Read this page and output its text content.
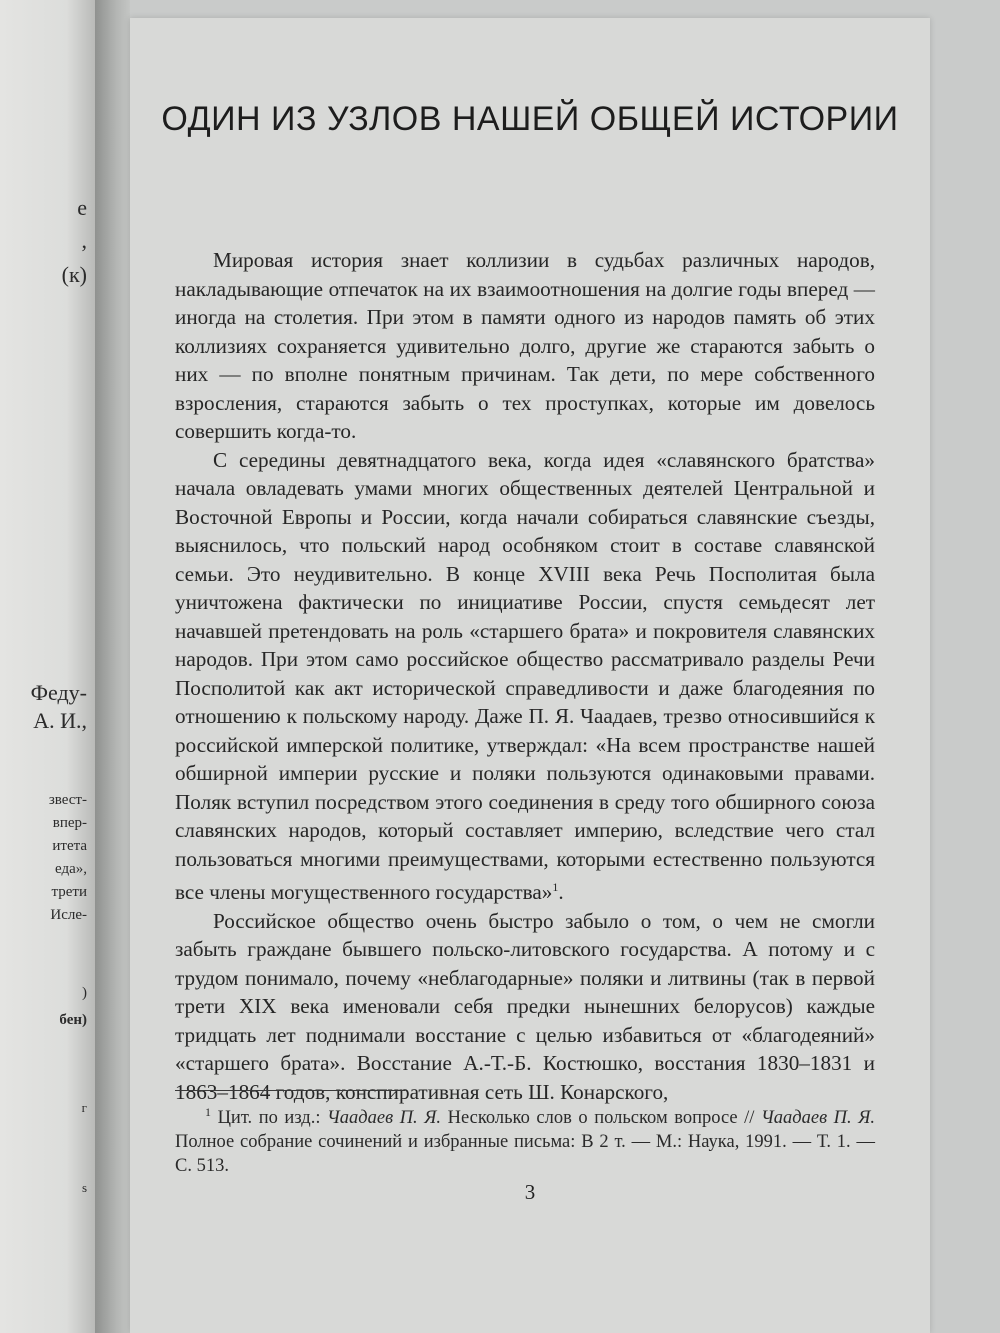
е
,
(к)
Феду-
А. И.,
звест-
впер-
итета
еда»,
трети
Исле-
)
бен)
г
s
ОДИН ИЗ УЗЛОВ НАШЕЙ ОБЩЕЙ ИСТОРИИ

Мировая история знает коллизии в судьбах различных народов, накладывающие отпечаток на их взаимоотношения на долгие годы вперед — иногда на столетия. При этом в памяти одного из народов память об этих коллизиях сохраняется удивительно долго, другие же стараются забыть о них — по вполне понятным причинам. Так дети, по мере собственного взросления, стараются забыть о тех проступках, которые им довелось совершить когда-то.

С середины девятнадцатого века, когда идея «славянского братства» начала овладевать умами многих общественных деятелей Центральной и Восточной Европы и России, когда начали собираться славянские съезды, выяснилось, что польский народ особняком стоит в составе славянской семьи. Это неудивительно. В конце XVIII века Речь Посполитая была уничтожена фактически по инициативе России, спустя семьдесят лет начавшей претендовать на роль «старшего брата» и покровителя славянских народов. При этом само российское общество рассматривало разделы Речи Посполитой как акт исторической справедливости и даже благодеяния по отношению к польскому народу. Даже П. Я. Чаадаев, трезво относившийся к российской имперской политике, утверждал: «На всем пространстве нашей обширной империи русские и поляки пользуются одинаковыми правами. Поляк вступил посредством этого соединения в среду того обширного союза славянских народов, который составляет империю, вследствие чего стал пользоваться многими преимуществами, которыми естественно пользуются все члены могущественного государства»$^1$.

Российское общество очень быстро забыло о том, о чем не смогли забыть граждане бывшего польско-литовского государства. А потому и с трудом понимало, почему «неблагодарные» поляки и литвины (так в первой трети XIX века именовали себя предки нынешних белорусов) каждые тридцать лет поднимали восстание с целью избавиться от «благодеяний» «старшего брата». Восстание А.-Т.-Б. Костюшко, восстания 1830–1831 и 1863–1864 годов, конспиративная сеть Ш. Конарского,

$^1$ Цит. по изд.: Чаадаев П. Я. Несколько слов о польском вопросе // Чаадаев П. Я. Полное собрание сочинений и избранные письма: В 2 т. — М.: Наука, 1991. — Т. 1. — С. 513.
3
